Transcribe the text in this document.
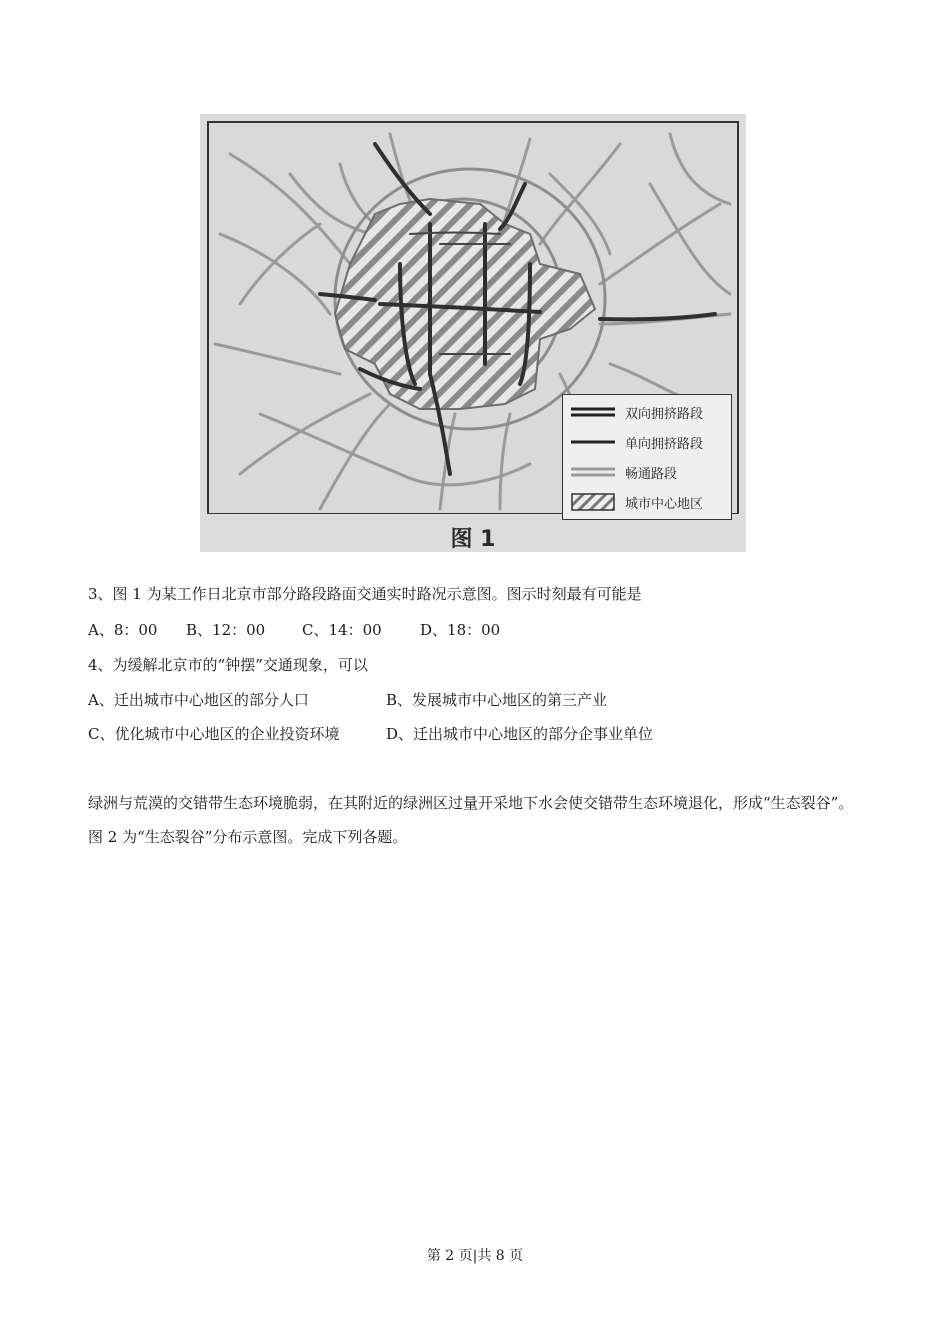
双向拥挤路段
单向拥挤路段
畅通路段
城市中心地区
图 1
3、图 1 为某工作日北京市部分路段路面交通实时路况示意图。图示时刻最有可能是
A、8：00 B、12：00 C、14：00	D、18：00
4、为缓解北京市的“钟摆”交通现象，可以
A、迁出城市中心地区的部分人口	B、发展城市中心地区的第三产业
C、优化城市中心地区的企业投资环境	D、迁出城市中心地区的部分企事业单位
绿洲与荒漠的交错带生态环境脆弱，在其附近的绿洲区过量开采地下水会使交错带生态环境退化，形成“生态裂谷”。图 2 为“生态裂谷”分布示意图。完成下列各题。
第 2 页|共 8 页
